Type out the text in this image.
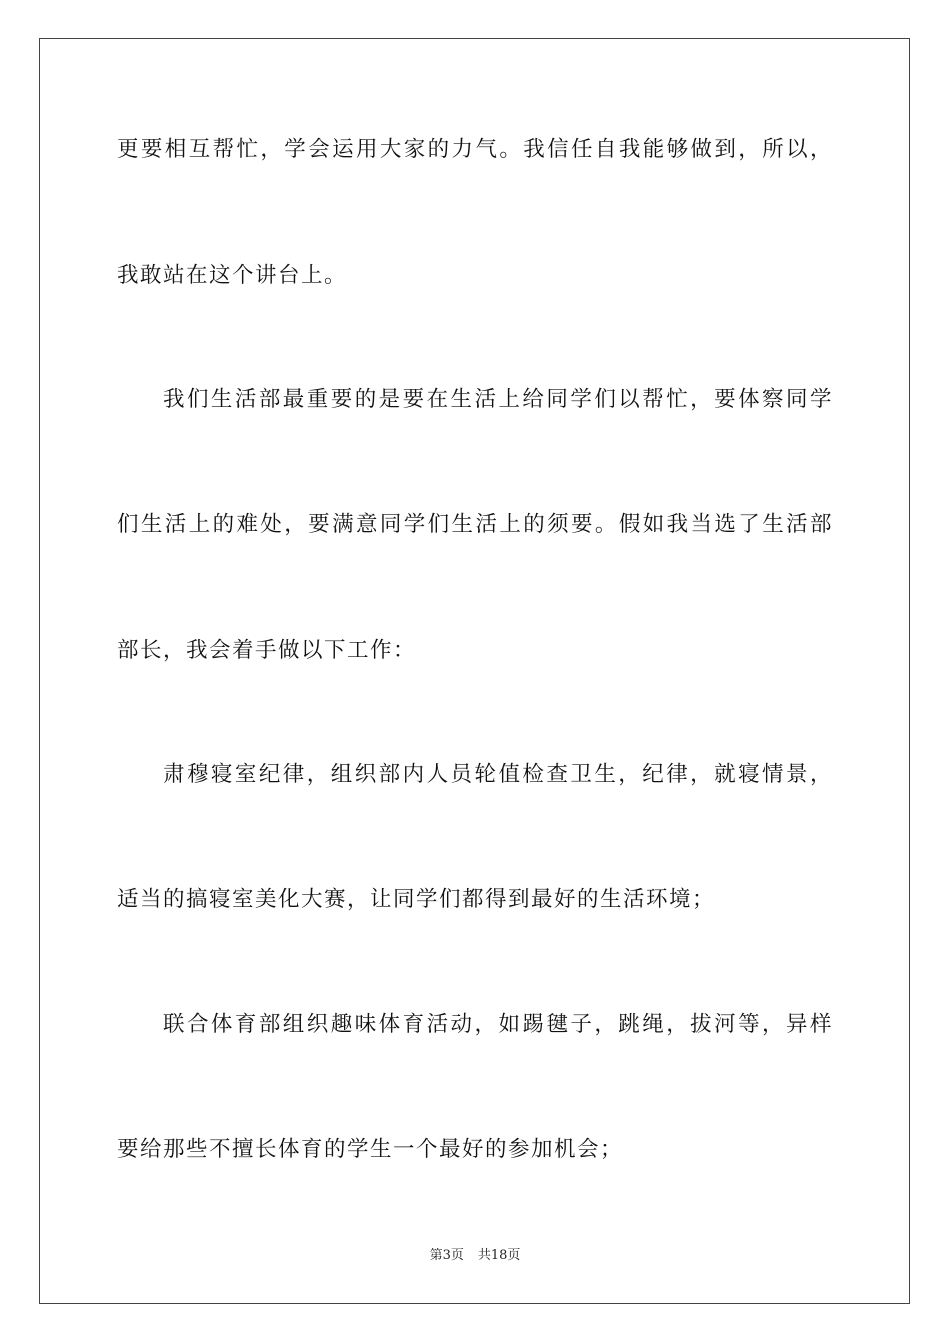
更要相互帮忙，学会运用大家的力气。我信任自我能够做到，所以，
我敢站在这个讲台上。
我们生活部最重要的是要在生活上给同学们以帮忙，要体察同学
们生活上的难处，要满意同学们生活上的须要。假如我当选了生活部
部长，我会着手做以下工作：
肃穆寝室纪律，组织部内人员轮值检查卫生，纪律，就寝情景，
适当的搞寝室美化大赛，让同学们都得到最好的生活环境；
联合体育部组织趣味体育活动，如踢毽子，跳绳，拔河等，异样
要给那些不擅长体育的学生一个最好的参加机会；
第3页 共18页
